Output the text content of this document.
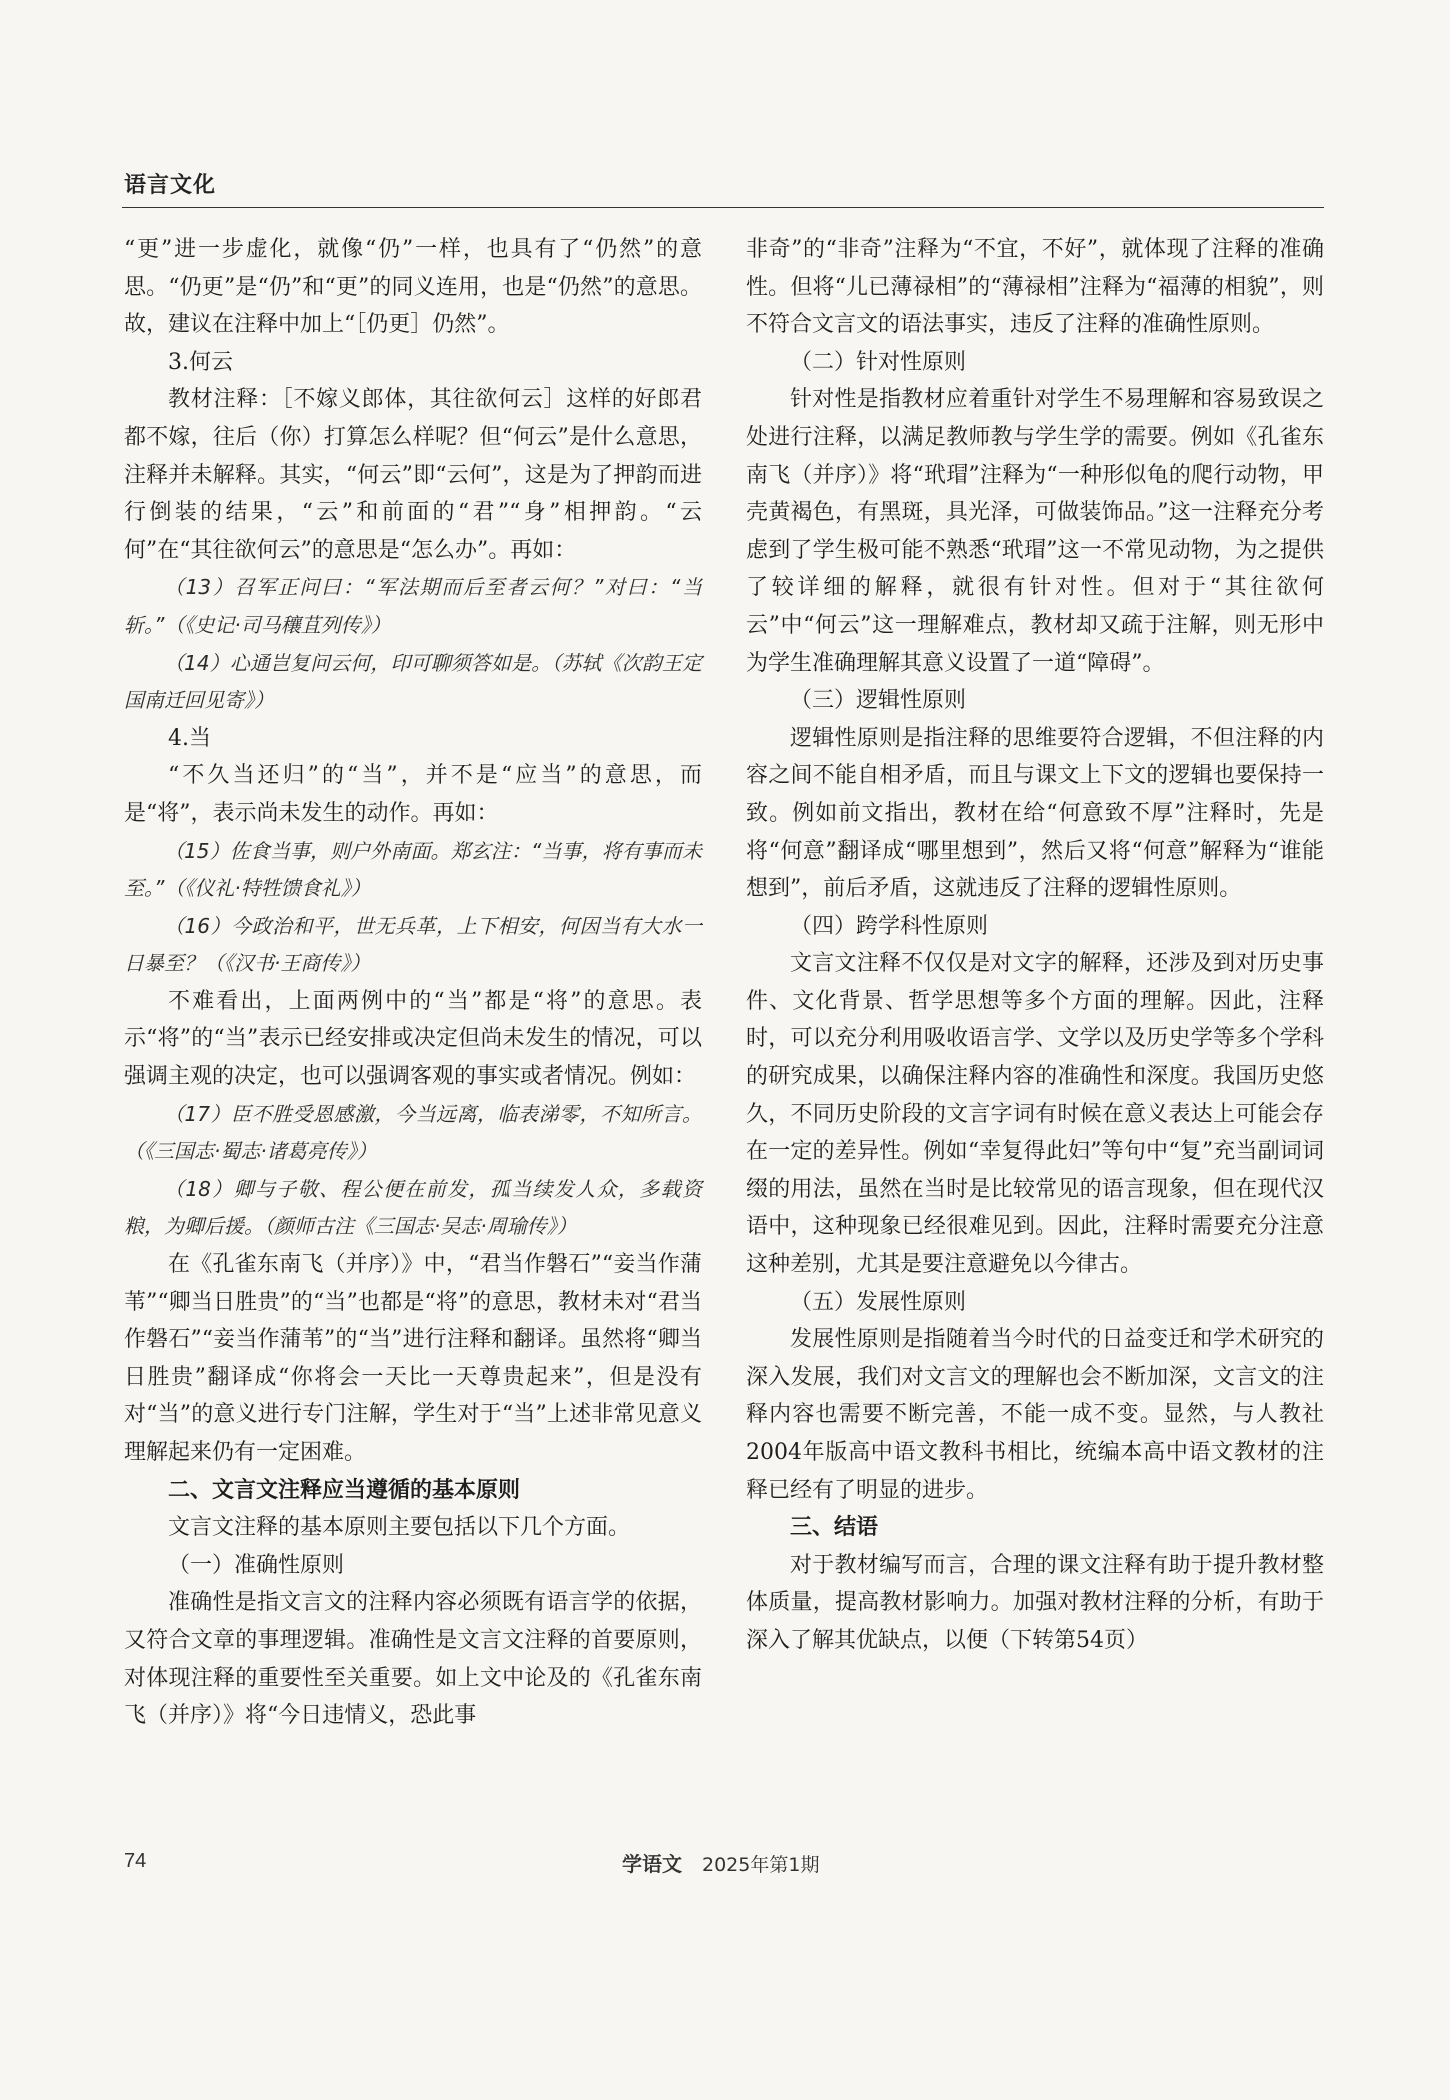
语言文化

“更”进一步虚化，就像“仍”一样，也具有了“仍然”的意思。“仍更”是“仍”和“更”的同义连用，也是“仍然”的意思。故，建议在注释中加上“［仍更］仍然”。

3.何云

教材注释：［不嫁义郎体，其往欲何云］这样的好郎君都不嫁，往后（你）打算怎么样呢？但“何云”是什么意思，注释并未解释。其实，“何云”即“云何”，这是为了押韵而进行倒装的结果，“云”和前面的“君”“身”相押韵。“云何”在“其往欲何云”的意思是“怎么办”。再如：

（13）召军正问曰：“军法期而后至者云何？”对曰：“当斩。”（《史记·司马穰苴列传》）

（14）心通岂复问云何，印可聊须答如是。（苏轼《次韵王定国南迁回见寄》）

4.当

“不久当还归”的“当”，并不是“应当”的意思，而是“将”，表示尚未发生的动作。再如：

（15）佐食当事，则户外南面。郑玄注：“当事，将有事而未至。”（《仪礼·特牲馈食礼》）

（16）今政治和平，世无兵革，上下相安，何因当有大水一日暴至？（《汉书·王商传》）

不难看出，上面两例中的“当”都是“将”的意思。表示“将”的“当”表示已经安排或决定但尚未发生的情况，可以强调主观的决定，也可以强调客观的事实或者情况。例如：

（17）臣不胜受恩感激，今当远离，临表涕零，不知所言。（《三国志·蜀志·诸葛亮传》）

（18）卿与子敬、程公便在前发，孤当续发人众，多载资粮，为卿后援。（颜师古注《三国志·吴志·周瑜传》）

在《孔雀东南飞（并序）》中，“君当作磐石”“妾当作蒲苇”“卿当日胜贵”的“当”也都是“将”的意思，教材未对“君当作磐石”“妾当作蒲苇”的“当”进行注释和翻译。虽然将“卿当日胜贵”翻译成“你将会一天比一天尊贵起来”，但是没有对“当”的意义进行专门注解，学生对于“当”上述非常见意义理解起来仍有一定困难。

二、文言文注释应当遵循的基本原则

文言文注释的基本原则主要包括以下几个方面。

（一）准确性原则

准确性是指文言文的注释内容必须既有语言学的依据，又符合文章的事理逻辑。准确性是文言文注释的首要原则，对体现注释的重要性至关重要。如上文中论及的《孔雀东南飞（并序）》将“今日违情义，恐此事

非奇”的“非奇”注释为“不宜，不好”，就体现了注释的准确性。但将“儿已薄禄相”的“薄禄相”注释为“福薄的相貌”，则不符合文言文的语法事实，违反了注释的准确性原则。

（二）针对性原则

针对性是指教材应着重针对学生不易理解和容易致误之处进行注释，以满足教师教与学生学的需要。例如《孔雀东南飞（并序）》将“玳瑁”注释为“一种形似龟的爬行动物，甲壳黄褐色，有黑斑，具光泽，可做装饰品。”这一注释充分考虑到了学生极可能不熟悉“玳瑁”这一不常见动物，为之提供了较详细的解释，就很有针对性。但对于“其往欲何云”中“何云”这一理解难点，教材却又疏于注解，则无形中为学生准确理解其意义设置了一道“障碍”。

（三）逻辑性原则

逻辑性原则是指注释的思维要符合逻辑，不但注释的内容之间不能自相矛盾，而且与课文上下文的逻辑也要保持一致。例如前文指出，教材在给“何意致不厚”注释时，先是将“何意”翻译成“哪里想到”，然后又将“何意”解释为“谁能想到”，前后矛盾，这就违反了注释的逻辑性原则。

（四）跨学科性原则

文言文注释不仅仅是对文字的解释，还涉及到对历史事件、文化背景、哲学思想等多个方面的理解。因此，注释时，可以充分利用吸收语言学、文学以及历史学等多个学科的研究成果，以确保注释内容的准确性和深度。我国历史悠久，不同历史阶段的文言字词有时候在意义表达上可能会存在一定的差异性。例如“幸复得此妇”等句中“复”充当副词词缀的用法，虽然在当时是比较常见的语言现象，但在现代汉语中，这种现象已经很难见到。因此，注释时需要充分注意这种差别，尤其是要注意避免以今律古。

（五）发展性原则

发展性原则是指随着当今时代的日益变迁和学术研究的深入发展，我们对文言文的理解也会不断加深，文言文的注释内容也需要不断完善，不能一成不变。显然，与人教社2004年版高中语文教科书相比，统编本高中语文教材的注释已经有了明显的进步。

三、结语

对于教材编写而言，合理的课文注释有助于提升教材整体质量，提高教材影响力。加强对教材注释的分析，有助于深入了解其优缺点，以便（下转第54页）

74	学语文 2025年第1期
